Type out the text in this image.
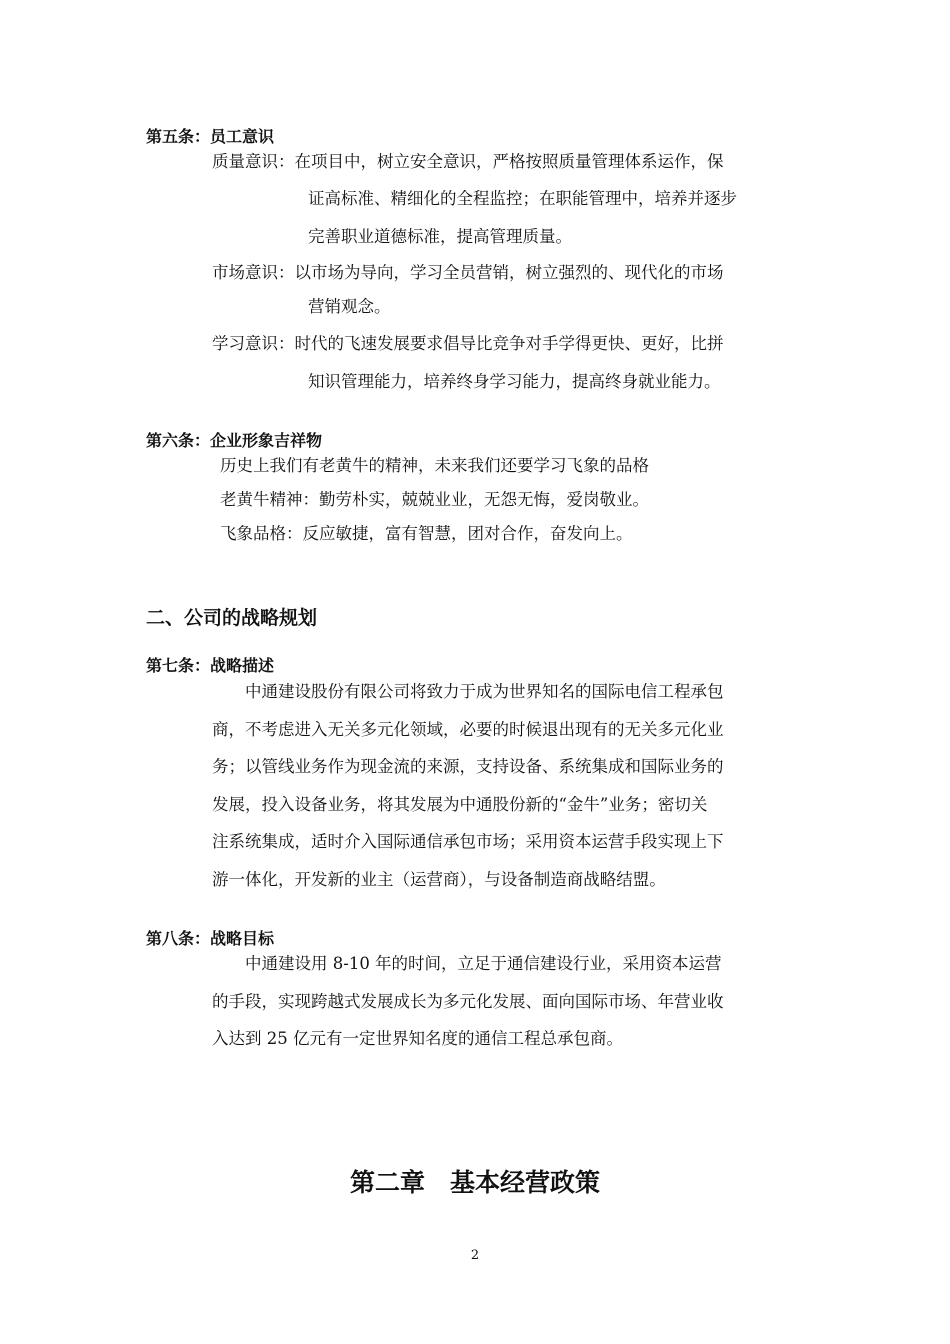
第五条：员工意识
质量意识：在项目中，树立安全意识，严格按照质量管理体系运作，保
证高标准、精细化的全程监控；在职能管理中，培养并逐步
完善职业道德标准，提高管理质量。
市场意识：以市场为导向，学习全员营销，树立强烈的、现代化的市场
营销观念。
学习意识：时代的飞速发展要求倡导比竞争对手学得更快、更好，比拼
知识管理能力，培养终身学习能力，提高终身就业能力。
第六条：企业形象吉祥物
历史上我们有老黄牛的精神，未来我们还要学习飞象的品格
老黄牛精神：勤劳朴实，兢兢业业，无怨无悔，爱岗敬业。
飞象品格：反应敏捷，富有智慧，团对合作，奋发向上。
二、公司的战略规划
第七条：战略描述
中通建设股份有限公司将致力于成为世界知名的国际电信工程承包
商，不考虑进入无关多元化领域，必要的时候退出现有的无关多元化业
务；以管线业务作为现金流的来源，支持设备、系统集成和国际业务的
发展，投入设备业务，将其发展为中通股份新的“金牛”业务；密切关
注系统集成，适时介入国际通信承包市场；采用资本运营手段实现上下
游一体化，开发新的业主（运营商），与设备制造商战略结盟。
第八条：战略目标
中通建设用 8-10 年的时间，立足于通信建设行业，采用资本运营
的手段，实现跨越式发展成长为多元化发展、面向国际市场、年营业收
入达到 25 亿元有一定世界知名度的通信工程总承包商。
第二章　基本经营政策
2
